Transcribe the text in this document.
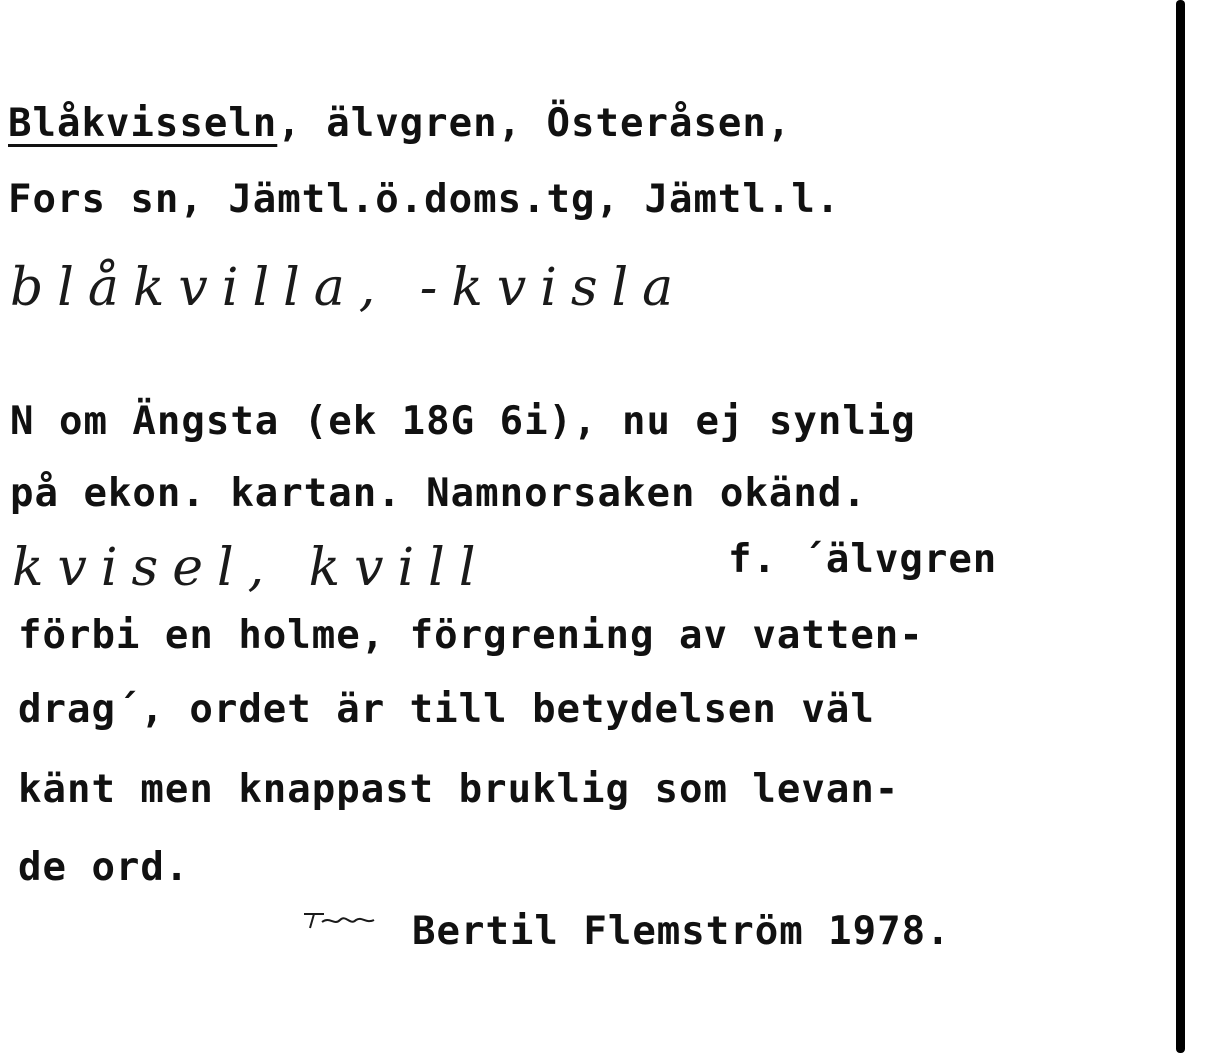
Blåkvisseln, älvgren, Österåsen,
Fors sn, Jämtl.ö.doms.tg, Jämtl.l.
blåkvilla, -kvisla
N om Ängsta (ek 18G 6i), nu ej synlig
på ekon. kartan. Namnorsaken okänd.
kvisel, kvill	f. ´älvgren
förbi en holme, förgrening av vatten-
drag´, ordet är till betydelsen väl
känt men knappast bruklig som levan-
de ord.
Bertil Flemström 1978.
